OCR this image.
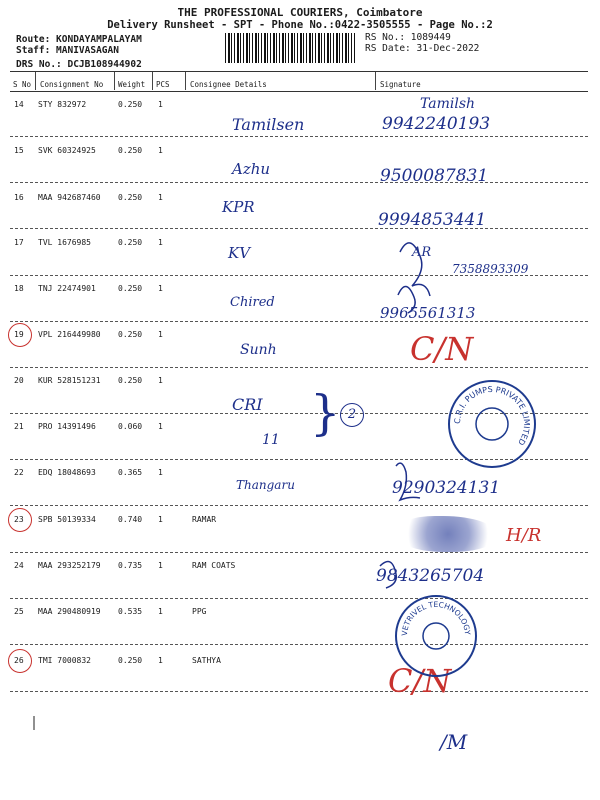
THE PROFESSIONAL COURIERS, Coimbatore
Delivery Runsheet - SPT - Phone No.:0422-3505555 - Page No.:2
Route: KONDAYAMPALAYAM
Staff: MANIVASAGAN
DRS No.: DCJB108944902
RS No.: 1089449
RS Date: 31-Dec-2022
S No Consignment No Weight PCS	Consignee Details	Signature
14 STY 832972	0.250 1
15 SVK 60324925	0.250 1
16 MAA 942687460 0.250 1
17 TVL 1676985	0.250 1
18 TNJ 22474901	0.250 1
19 VPL 216449980 0.250 1
20 KUR 528151231 0.250 1
21 PRO 14391496	0.060 1
22 EDQ 18048693	0.365 1
23 SPB 50139334	0.740 1	RAMAR
24 MAA 293252179 0.735 1	RAM COATS
25 MAA 290480919 0.535 1	PPG
26 TMI 7000832	0.250 1	SATHYA
Tamilsen
Azhu
KPR
KV
Chired
Sunh
CRI
11
Thangaru
} 2
Tamilsh
9942240193
9500087831
9994853441
AR
7358893309
9965561313
C/N
9290324131
H/R
9843265704
C/N
/M
C.R.I. PUMPS PRIVATE LIMITED
VETRIVEL TECHNOLOGY
